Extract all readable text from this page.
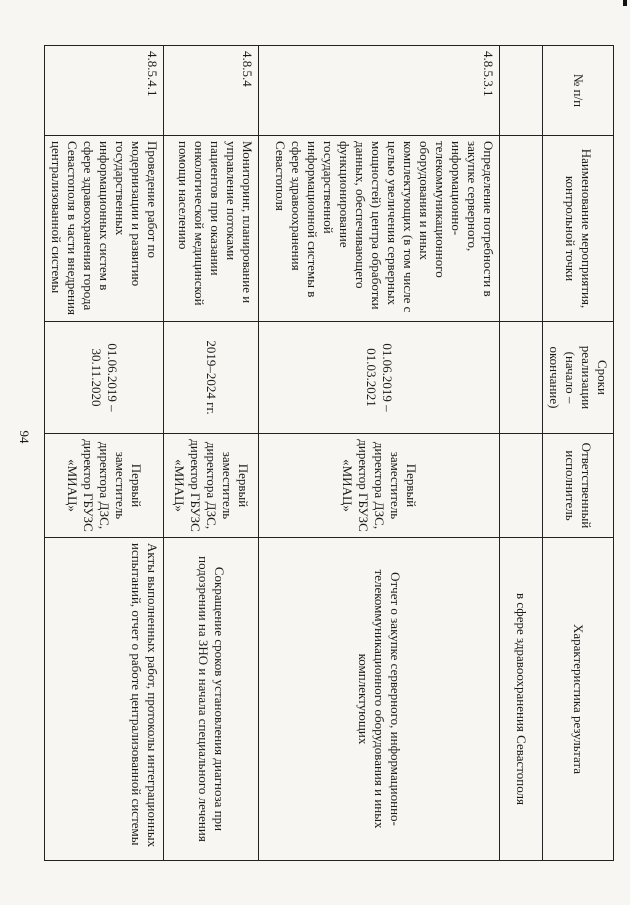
94
№ п/п	Наименование мероприятия, контрольной точки	Сроки реализации (начало – окончание)	Ответственный исполнитель	Характеристика результата
				в сфере здравоохранения Севастополя
4.8.5.3.1	Определение потребности в закупке серверного, информационно-телекоммуникационного оборудования и иных комплектующих (в том числе с целью увеличения серверных мощностей) центра обработки данных, обеспечивающего функционирование государственной информационной системы в сфере здравоохранения Севастополя	01.06.2019 – 01.03.2021	Первый заместитель директора ДЗС, директор ГБУЗС «МИАЦ»	Отчет о закупке серверного, информационно-телекоммуникационного оборудования и иных комплектующих
4.8.5.4	Мониторинг, планирование и управление потоками пациентов при оказании онкологической медицинской помощи населению	2019–2024 гг.	Первый заместитель директора ДЗС, директор ГБУЗС «МИАЦ»	Сокращение сроков установления диагноза при подозрении на ЗНО и начала специального лечения
4.8.5.4.1	Проведение работ по модернизации и развитию государственных информационных систем в сфере здравоохранения города Севастополя в части внедрения централизованной системы	01.06.2019 – 30.11.2020	Первый заместитель директора ДЗС, директор ГБУЗС «МИАЦ»	Акты выполненных работ, протоколы интеграционных испытаний, отчет о работе централизованной системы
